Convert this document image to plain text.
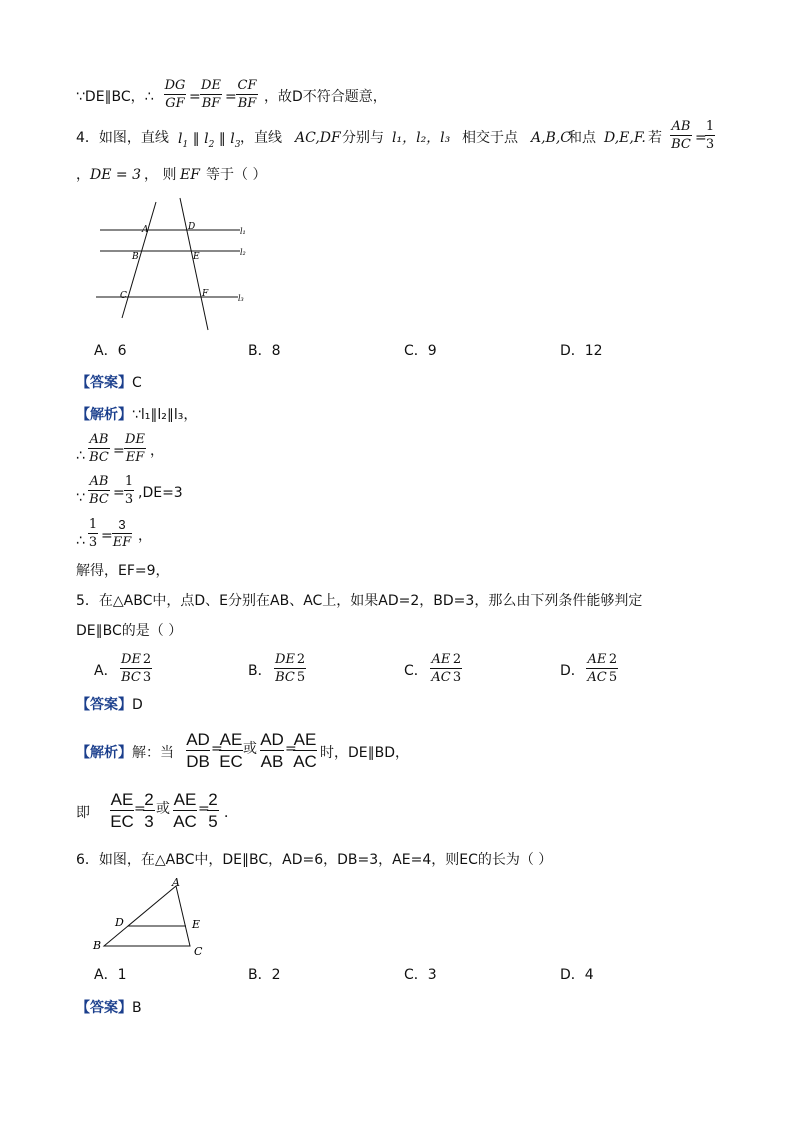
∵DE∥BC，∴
DG
GF =
DE
BF =
CF
BF ，故D不符合题意，
4．如图，直线 $l_1$ ∥ $l_2$ ∥ $l_3$ ，直线 AC,DF 分别与 l₁，l₂，l₃ 相交于点 A,B,C
和点 D,E,F. 若
AB
BC =
1
3
， DE = 3 ， 则 EF 等于（ ）
A	D
B	E
C	F
l₁
l₂
l₃
A．6	B．8	C．9	D．12
【答案】C
【解析】∵l₁∥l₂∥l₃，
∴
AB
BC =
DE
EF ，
∵
AB
BC =
1
3 ,DE=3
∴
1
3 =
3
EF ，
解得，EF=9，
5．在△ABC中，点D、E分别在AB、AC上，如果AD=2，BD=3，那么由下列条件能够判定
DE∥BC的是（ ）
A．
DE
BC
2
3	B．
DE
BC
2
5	C．
AE
AC
2
3	D．
AE
AC
2
5
【答案】D
【解析】解：当
AD
DB
=
AE
EC
或 AD
AB
=
AE
AC 时，DE∥BD，
即
AE
EC
=
2
3
或 AE
AC
=
2
5 ．
6．如图，在△ABC中，DE∥BC，AD=6，DB=3，AE=4，则EC的长为（ ）
A
B	C
D	E
A．1	B．2	C．3	D．4
【答案】B
